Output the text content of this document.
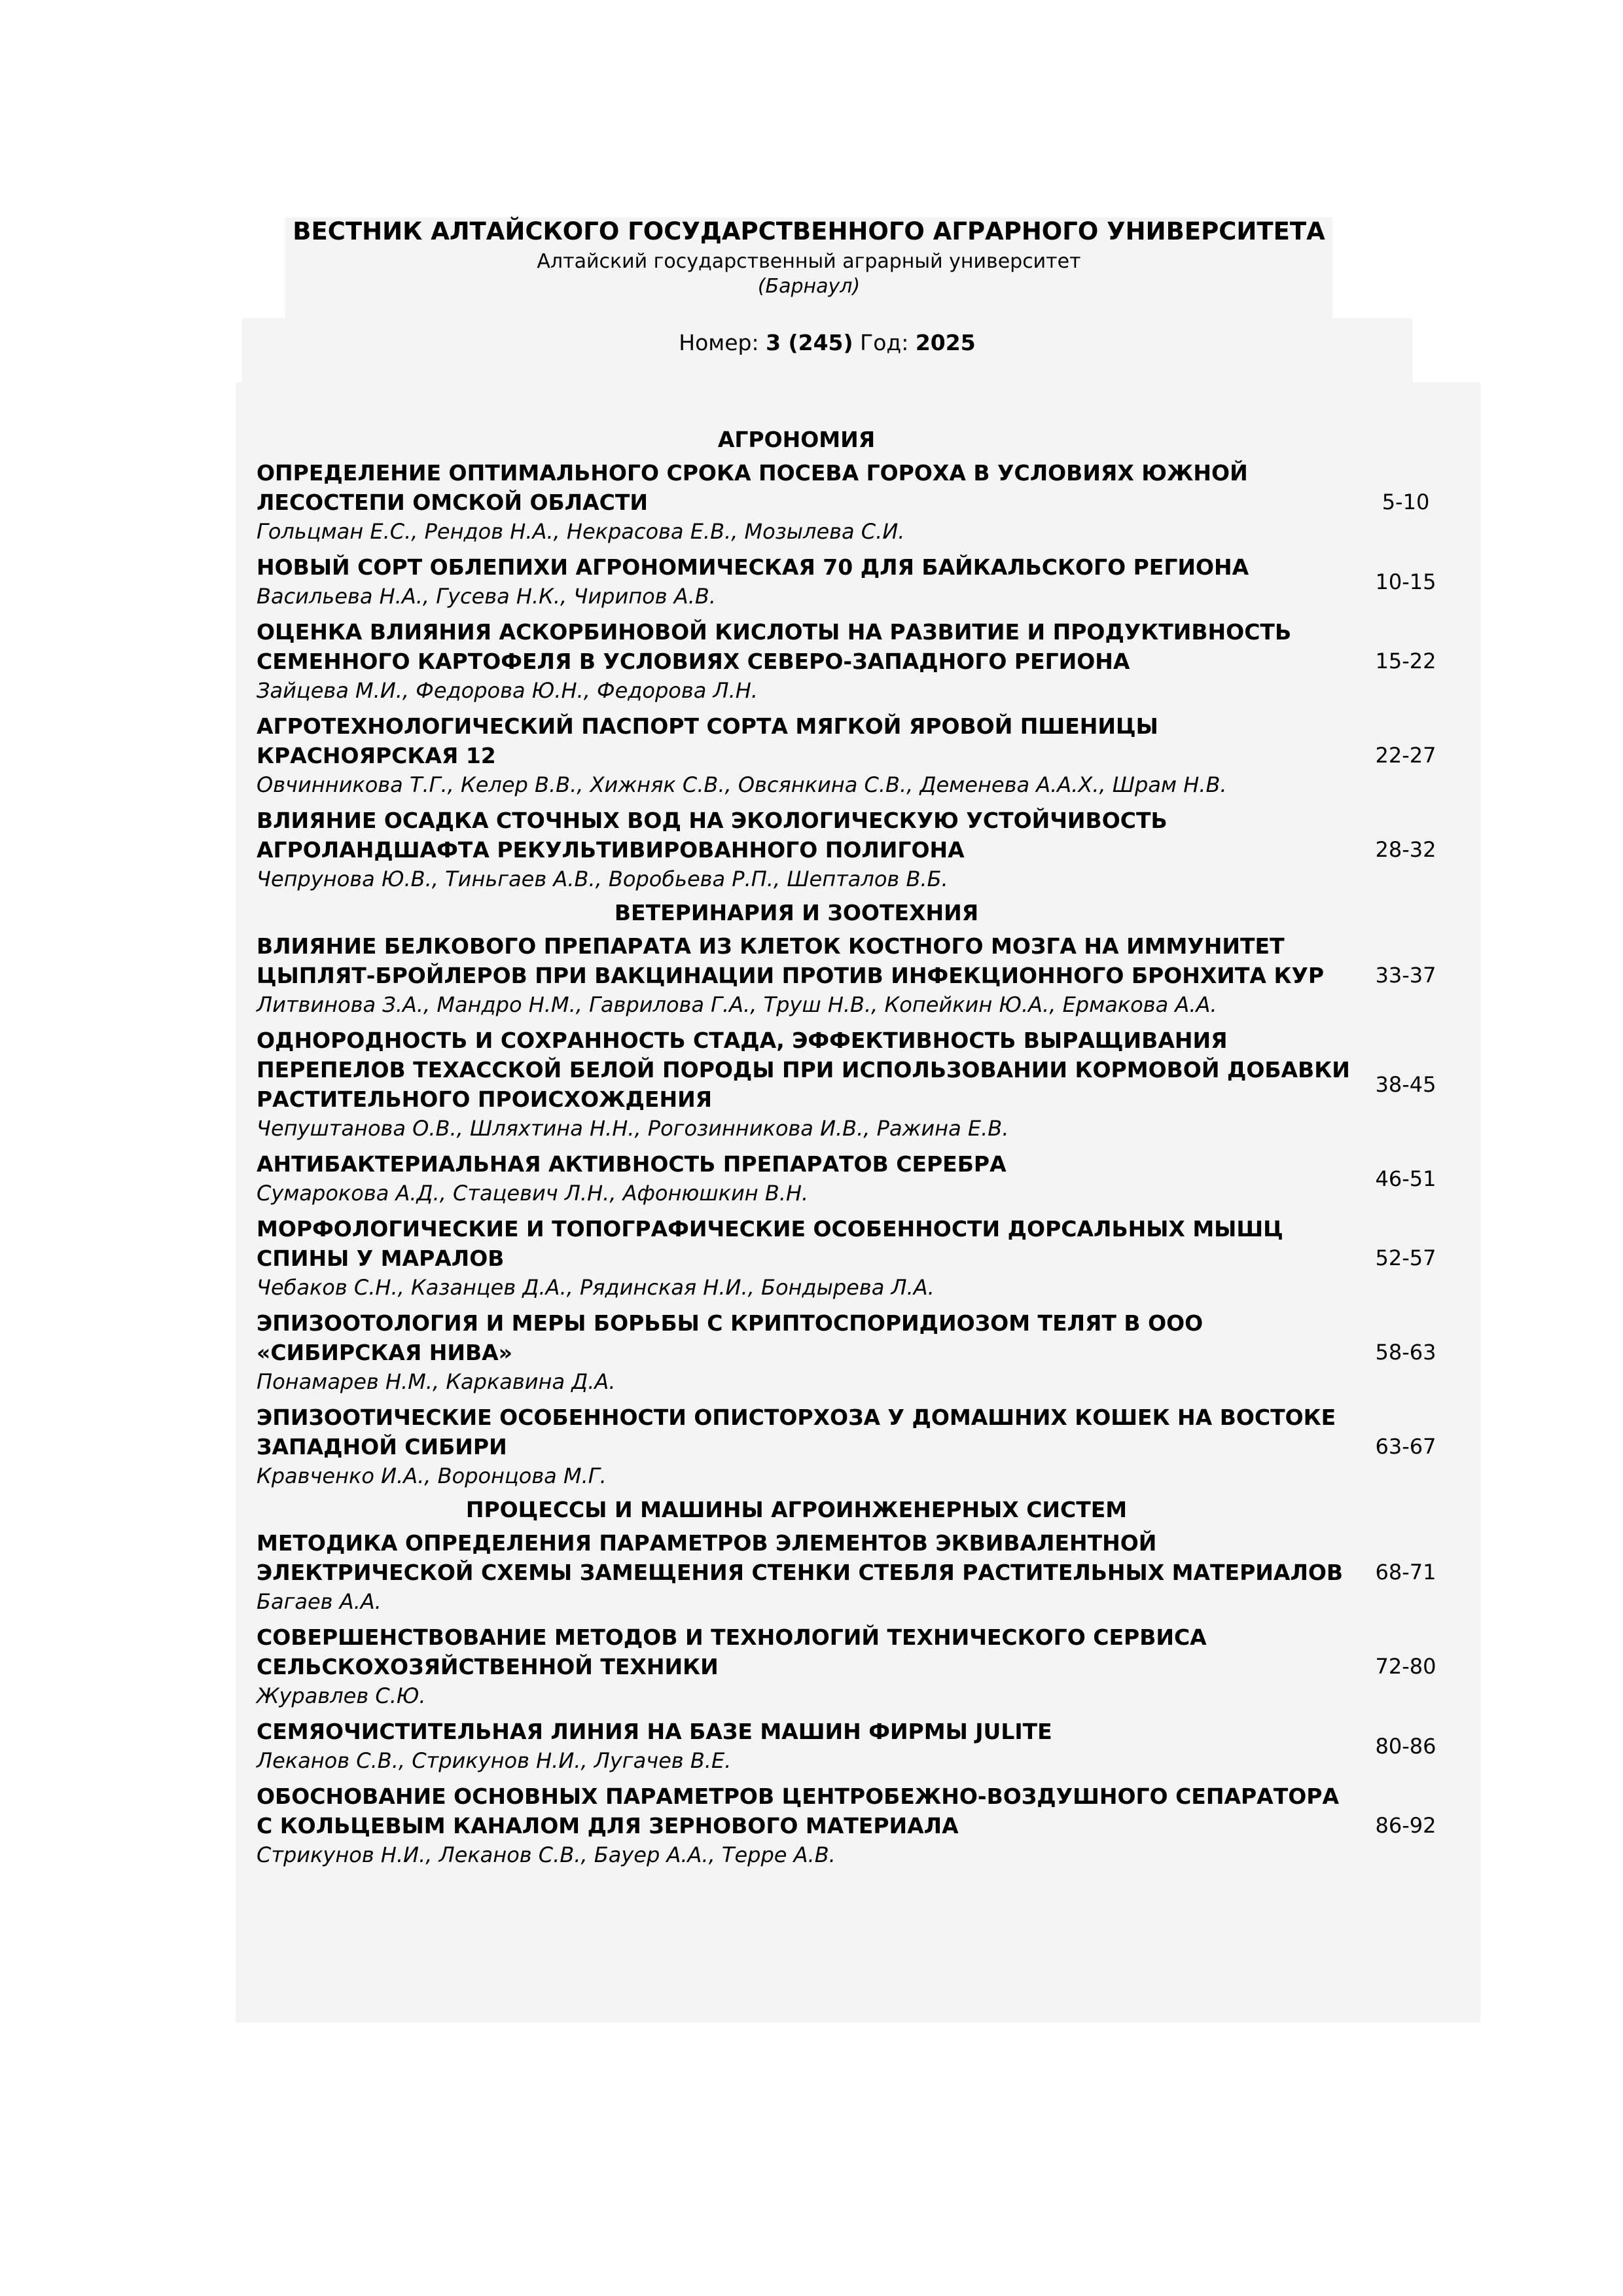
ВЕСТНИК АЛТАЙСКОГО ГОСУДАРСТВЕННОГО АГРАРНОГО УНИВЕРСИТЕТА
Алтайский государственный аграрный университет
(Барнаул)
Номер: 3 (245) Год: 2025
АГРОНОМИЯ
ОПРЕДЕЛЕНИЕ ОПТИМАЛЬНОГО СРОКА ПОСЕВА ГОРОХА В УСЛОВИЯХ ЮЖНОЙ ЛЕСОСТЕПИ ОМСКОЙ ОБЛАСТИ
Гольцман Е.С., Рендов Н.А., Некрасова Е.В., Мозылева С.И.
5-10
НОВЫЙ СОРТ ОБЛЕПИХИ АГРОНОМИЧЕСКАЯ 70 ДЛЯ БАЙКАЛЬСКОГО РЕГИОНА
Васильева Н.А., Гусева Н.К., Чирипов А.В.
10-15
ОЦЕНКА ВЛИЯНИЯ АСКОРБИНОВОЙ КИСЛОТЫ НА РАЗВИТИЕ И ПРОДУКТИВНОСТЬ СЕМЕННОГО КАРТОФЕЛЯ В УСЛОВИЯХ СЕВЕРО-ЗАПАДНОГО РЕГИОНА
Зайцева М.И., Федорова Ю.Н., Федорова Л.Н.
15-22
АГРОТЕХНОЛОГИЧЕСКИЙ ПАСПОРТ СОРТА МЯГКОЙ ЯРОВОЙ ПШЕНИЦЫ КРАСНОЯРСКАЯ 12
Овчинникова Т.Г., Келер В.В., Хижняк С.В., Овсянкина С.В., Деменева А.А.Х., Шрам Н.В.
22-27
ВЛИЯНИЕ ОСАДКА СТОЧНЫХ ВОД НА ЭКОЛОГИЧЕСКУЮ УСТОЙЧИВОСТЬ АГРОЛАНДШАФТА РЕКУЛЬТИВИРОВАННОГО ПОЛИГОНА
Чепрунова Ю.В., Тиньгаев А.В., Воробьева Р.П., Шепталов В.Б.
28-32
ВЕТЕРИНАРИЯ И ЗООТЕХНИЯ
ВЛИЯНИЕ БЕЛКОВОГО ПРЕПАРАТА ИЗ КЛЕТОК КОСТНОГО МОЗГА НА ИММУНИТЕТ ЦЫПЛЯТ-БРОЙЛЕРОВ ПРИ ВАКЦИНАЦИИ ПРОТИВ ИНФЕКЦИОННОГО БРОНХИТА КУР
Литвинова З.А., Мандро Н.М., Гаврилова Г.А., Труш Н.В., Копейкин Ю.А., Ермакова А.А.
33-37
ОДНОРОДНОСТЬ И СОХРАННОСТЬ СТАДА, ЭФФЕКТИВНОСТЬ ВЫРАЩИВАНИЯ ПЕРЕПЕЛОВ ТЕХАССКОЙ БЕЛОЙ ПОРОДЫ ПРИ ИСПОЛЬЗОВАНИИ КОРМОВОЙ ДОБАВКИ РАСТИТЕЛЬНОГО ПРОИСХОЖДЕНИЯ
Чепуштанова О.В., Шляхтина Н.Н., Рогозинникова И.В., Ражина Е.В.
38-45
АНТИБАКТЕРИАЛЬНАЯ АКТИВНОСТЬ ПРЕПАРАТОВ СЕРЕБРА
Сумарокова А.Д., Стацевич Л.Н., Афонюшкин В.Н.
46-51
МОРФОЛОГИЧЕСКИЕ И ТОПОГРАФИЧЕСКИЕ ОСОБЕННОСТИ ДОРСАЛЬНЫХ МЫШЦ СПИНЫ У МАРАЛОВ
Чебаков С.Н., Казанцев Д.А., Рядинская Н.И., Бондырева Л.А.
52-57
ЭПИЗООТОЛОГИЯ И МЕРЫ БОРЬБЫ С КРИПТОСПОРИДИОЗОМ ТЕЛЯТ В ООО «СИБИРСКАЯ НИВА»
Понамарев Н.М., Каркавина Д.А.
58-63
ЭПИЗООТИЧЕСКИЕ ОСОБЕННОСТИ ОПИСТОРХОЗА У ДОМАШНИХ КОШЕК НА ВОСТОКЕ ЗАПАДНОЙ СИБИРИ
Кравченко И.А., Воронцова М.Г.
63-67
ПРОЦЕССЫ И МАШИНЫ АГРОИНЖЕНЕРНЫХ СИСТЕМ
МЕТОДИКА ОПРЕДЕЛЕНИЯ ПАРАМЕТРОВ ЭЛЕМЕНТОВ ЭКВИВАЛЕНТНОЙ ЭЛЕКТРИЧЕСКОЙ СХЕМЫ ЗАМЕЩЕНИЯ СТЕНКИ СТЕБЛЯ РАСТИТЕЛЬНЫХ МАТЕРИАЛОВ
Багаев А.А.
68-71
СОВЕРШЕНСТВОВАНИЕ МЕТОДОВ И ТЕХНОЛОГИЙ ТЕХНИЧЕСКОГО СЕРВИСА СЕЛЬСКОХОЗЯЙСТВЕННОЙ ТЕХНИКИ
Журавлев С.Ю.
72-80
СЕМЯОЧИСТИТЕЛЬНАЯ ЛИНИЯ НА БАЗЕ МАШИН ФИРМЫ JULITE
Леканов С.В., Стрикунов Н.И., Лугачев В.Е.
80-86
ОБОСНОВАНИЕ ОСНОВНЫХ ПАРАМЕТРОВ ЦЕНТРОБЕЖНО-ВОЗДУШНОГО СЕПАРАТОРА С КОЛЬЦЕВЫМ КАНАЛОМ ДЛЯ ЗЕРНОВОГО МАТЕРИАЛА
Стрикунов Н.И., Леканов С.В., Бауер А.А., Терре А.В.
86-92
